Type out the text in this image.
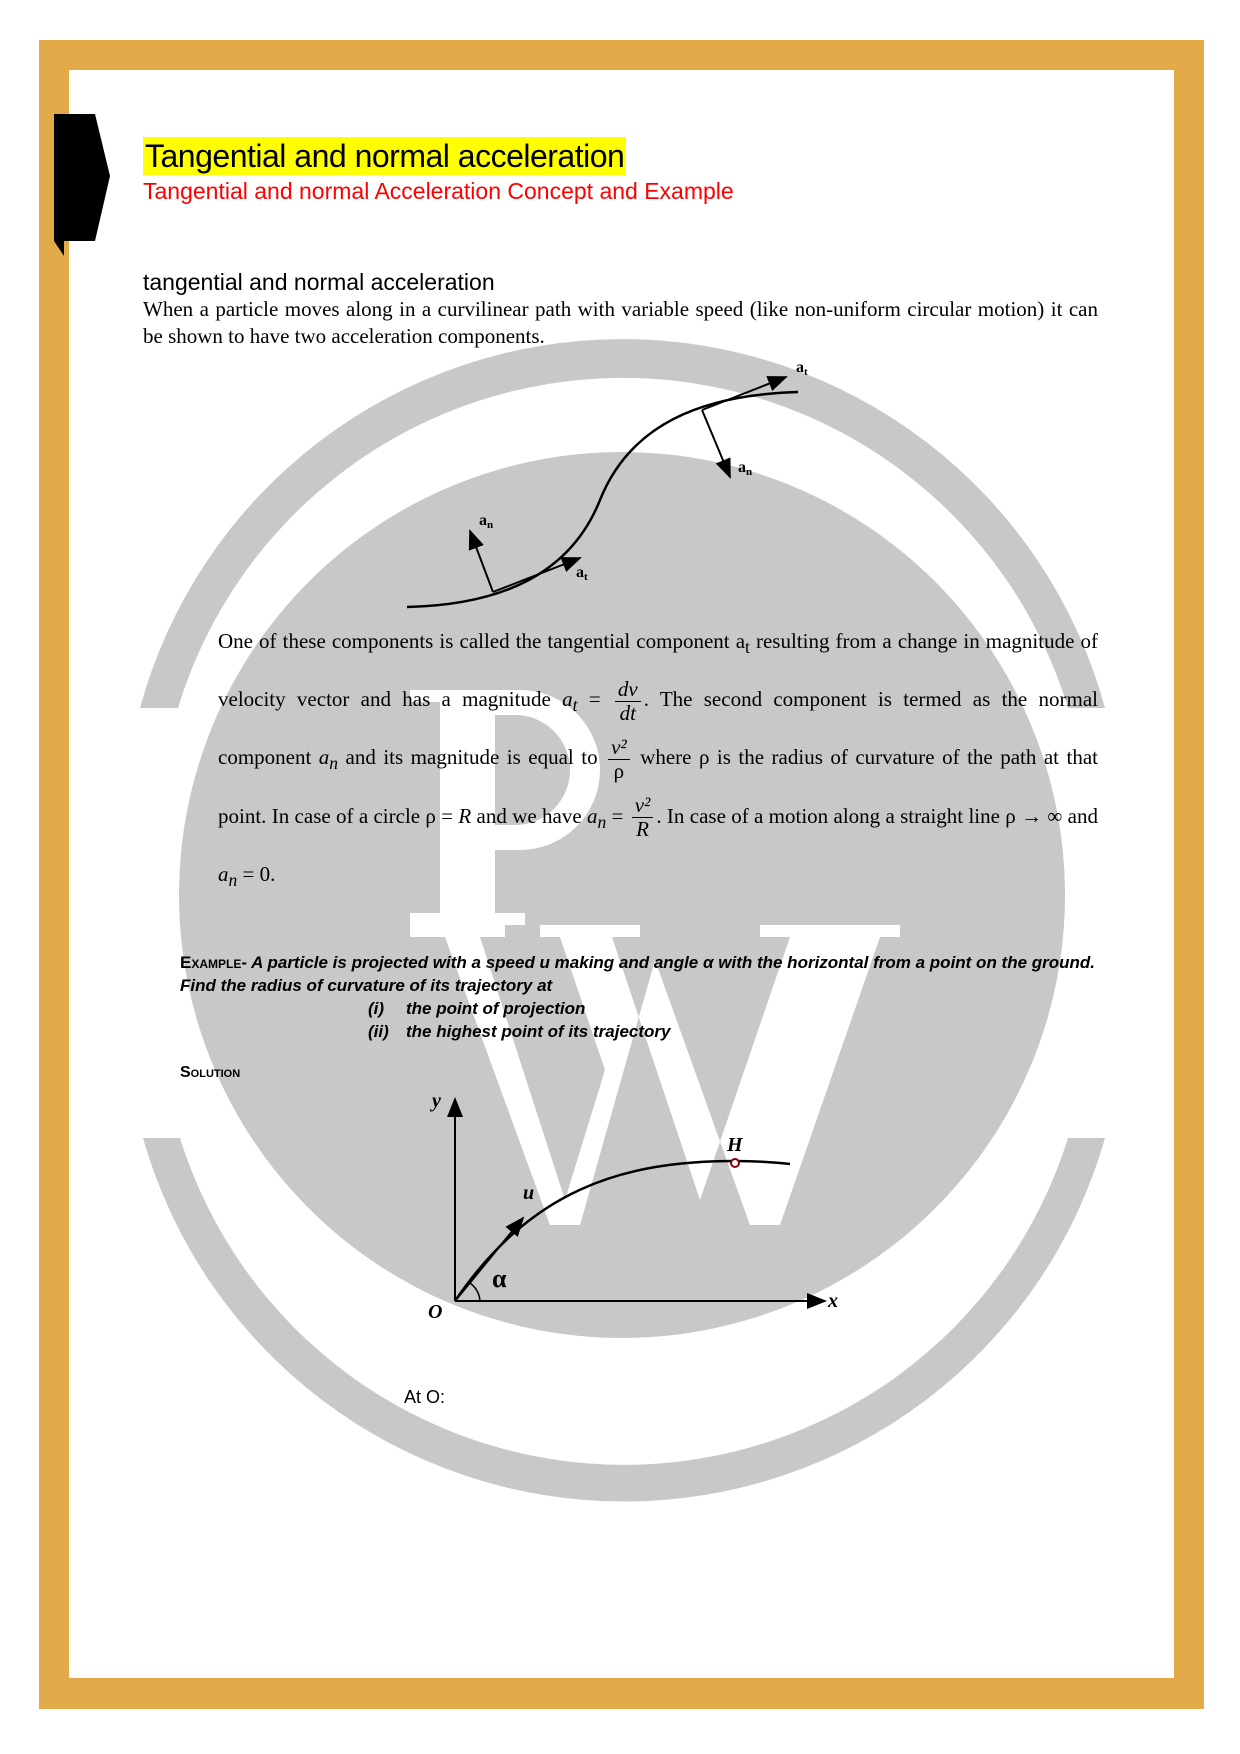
Tangential and normal acceleration
Tangential and normal Acceleration Concept and Example
tangential and normal acceleration
When a particle moves along in a curvilinear path with variable speed (like non-uniform circular motion) it can be shown to have two acceleration components.
at
an
at
an
One of these components is called the tangential component $a_t$ resulting from a change in magnitude of velocity vector and has a magnitude $a_t = \frac{dv}{dt}$ . The second component is termed as the normal component $a_n$ and its magnitude is equal to $\frac{\text{v²}}{\rho}$ where ρ is the radius of curvature of the path at that point. In case of a circle ρ = R and we have $a_n = \frac{\text{v²}}{R}$ . In case of a motion along a straight line ρ → ∞ and $a_n = 0$.
Example- A particle is projected with a speed u making and angle α with the horizontal from a point on the ground. Find the radius of curvature of its trajectory at
(i) the point of projection
(ii) the highest point of its trajectory
Solution
y
x
O
u
H
α
At O:
